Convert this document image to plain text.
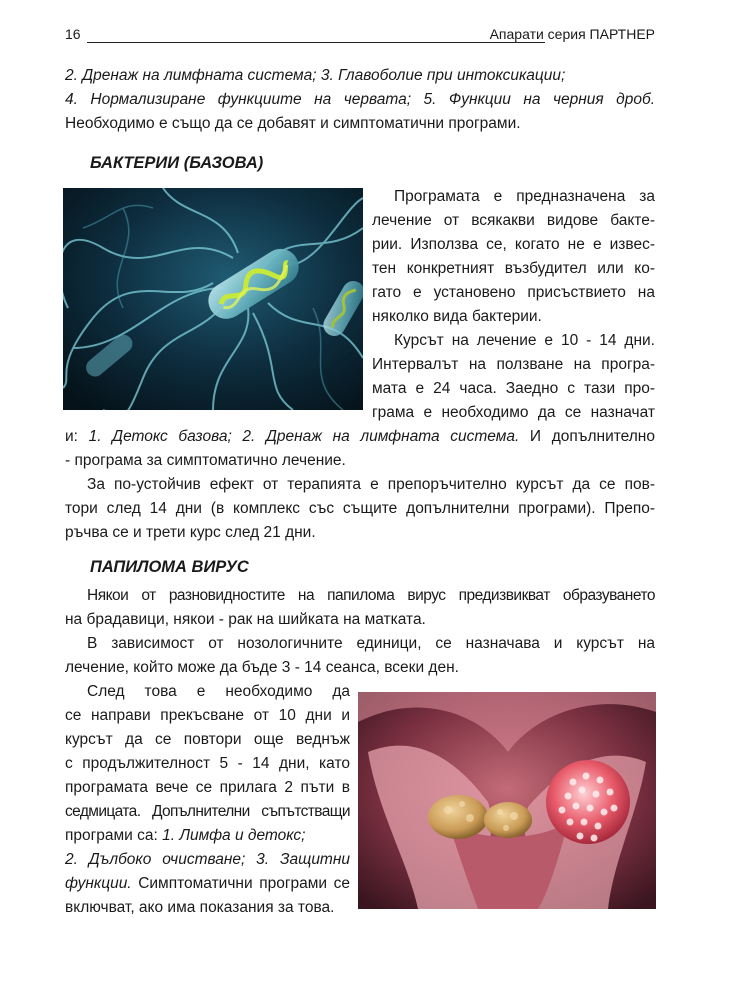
16	Апарати серия ПАРТНЕР
2. Дренаж на лимфната система; 3. Главоболие при интоксикации;
4. Нормализиране функциите на червата; 5. Функции на черния дроб.
Необходимо е също да се добавят и симптоматични програми.

БАКТЕРИИ (БАЗОВА)

Програмата е предназначена за
лечение от всякакви видове бакте-
рии. Използва се, когато не е извес-
тен конкретният възбудител или ко-
гато е установено присъствието на
няколко вида бактерии.
Курсът на лечение е 10 - 14 дни.
Интервалът на ползване на програ-
мата е 24 часа. Заедно с тази про-
грама е необходимо да се назначат
и: 1. Детокс базова; 2. Дренаж на лимфната система. И допълнително
- програма за симптоматично лечение.
За по-устойчив ефект от терапията е препоръчително курсът да се пов-
тори след 14 дни (в комплекс със същите допълнителни програми). Препо-
ръчва се и трети курс след 21 дни.

ПАПИЛОМА ВИРУС

Някои от разновидностите на папилома вирус предизвикват образуването
на брадавици, някои - рак на шийката на матката.
В зависимост от нозологичните единици, се назначава и курсът на
лечение, който може да бъде 3 - 14 сеанса, всеки ден.
След това е необходимо да
се направи прекъсване от 10 дни и
курсът да се повтори още веднъж
с продължителност 5 - 14 дни, като
програмата вече се прилага 2 пъти в
седмицата. Допълнителни съпътстващи
програми са: 1. Лимфа и детокс;
2. Дълбоко очистване; 3. Защитни
функции. Симптоматични програми се
включват, ако има показания за това.
